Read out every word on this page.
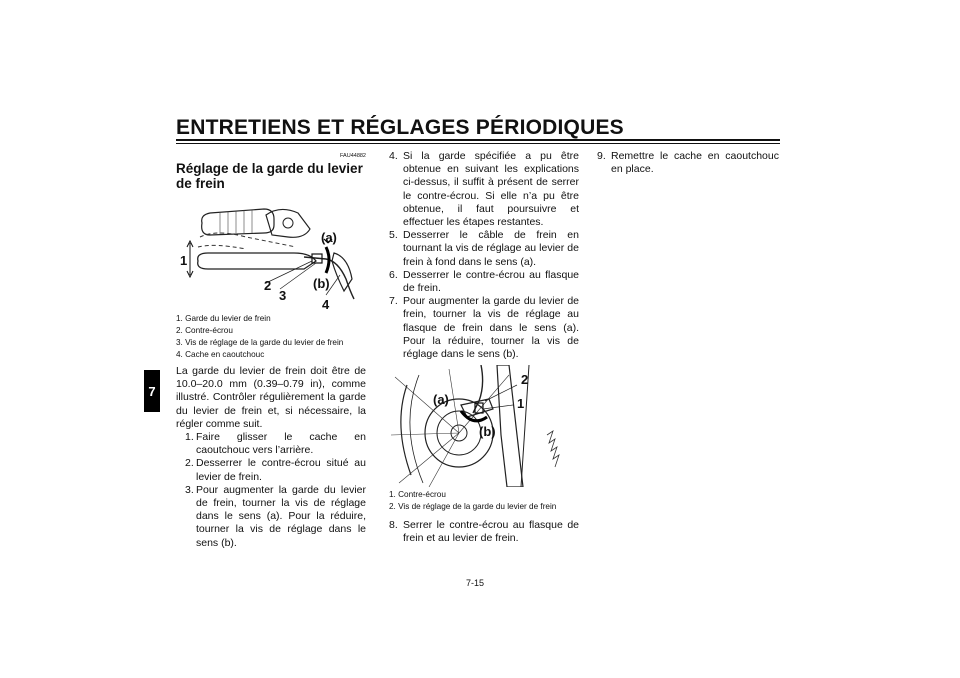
ENTRETIENS ET RÉGLAGES PÉRIODIQUES
7
FAU44882
Réglage de la garde du levier de frein
(a)
1
2
3
(b)
4
1. Garde du levier de frein
2. Contre-écrou
3. Vis de réglage de la garde du levier de frein
4. Cache en caoutchouc
La garde du levier de frein doit être de 10.0–20.0 mm (0.39–0.79 in), comme illustré. Contrôler régulièrement la garde du levier de frein et, si nécessaire, la régler comme suit.
1. Faire glisser le cache en caoutchouc vers l’arrière.
2. Desserrer le contre-écrou situé au levier de frein.
3. Pour augmenter la garde du levier de frein, tourner la vis de réglage dans le sens (a). Pour la réduire, tourner la vis de réglage dans le sens (b).
4. Si la garde spécifiée a pu être obtenue en suivant les explications ci-dessus, il suffit à présent de serrer le contre-écrou. Si elle n’a pu être obtenue, il faut poursuivre et effectuer les étapes restantes.
5. Desserrer le câble de frein en tournant la vis de réglage au levier de frein à fond dans le sens (a).
6. Desserrer le contre-écrou au flasque de frein.
7. Pour augmenter la garde du levier de frein, tourner la vis de réglage au flasque de frein dans le sens (a). Pour la réduire, tourner la vis de réglage dans le sens (b).
2
(a)	1
(b)
1. Contre-écrou
2. Vis de réglage de la garde du levier de frein
8. Serrer le contre-écrou au flasque de frein et au levier de frein.
9. Remettre le cache en caoutchouc en place.
7-15
